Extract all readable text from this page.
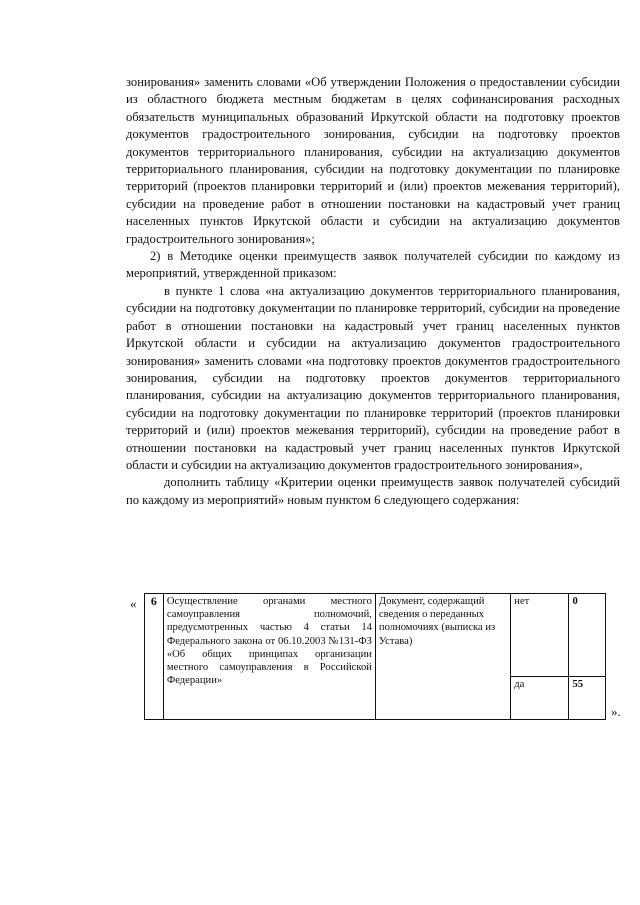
зонирования» заменить словами «Об утверждении Положения о предоставлении субсидии из областного бюджета местным бюджетам в целях софинансирования расходных обязательств муниципальных образований Иркутской области на подготовку проектов документов градостроительного зонирования, субсидии на подготовку проектов документов территориального планирования, субсидии на актуализацию документов территориального планирования, субсидии на подготовку документации по планировке территорий (проектов планировки территорий и (или) проектов межевания территорий), субсидии на проведение работ в отношении постановки на кадастровый учет границ населенных пунктов Иркутской области и субсидии на актуализацию документов градостроительного зонирования»;

2) в Методике оценки преимуществ заявок получателей субсидии по каждому из мероприятий, утвержденной приказом:

в пункте 1 слова «на актуализацию документов территориального планирования, субсидии на подготовку документации по планировке территорий, субсидии на проведение работ в отношении постановки на кадастровый учет границ населенных пунктов Иркутской области и субсидии на актуализацию документов градостроительного зонирования» заменить словами «на подготовку проектов документов градостроительного зонирования, субсидии на подготовку проектов документов территориального планирования, субсидии на актуализацию документов территориального планирования, субсидии на подготовку документации по планировке территорий (проектов планировки территорий и (или) проектов межевания территорий), субсидии на проведение работ в отношении постановки на кадастровый учет границ населенных пунктов Иркутской области и субсидии на актуализацию документов градостроительного зонирования»,

дополнить таблицу «Критерии оценки преимуществ заявок получателей субсидий по каждому из мероприятий» новым пунктом 6 следующего содержания:

« 6	Осуществление органами местного самоуправления полномочий, предусмотренных частью 4 статьи 14 Федерального закона от 06.10.2003 №131-ФЗ «Об общих принципах организации местного самоуправления в Российской Федерации»	Документ, содержащий сведения о переданных полномочиях (выписка из Устава)	нет	0
			да	55
».
